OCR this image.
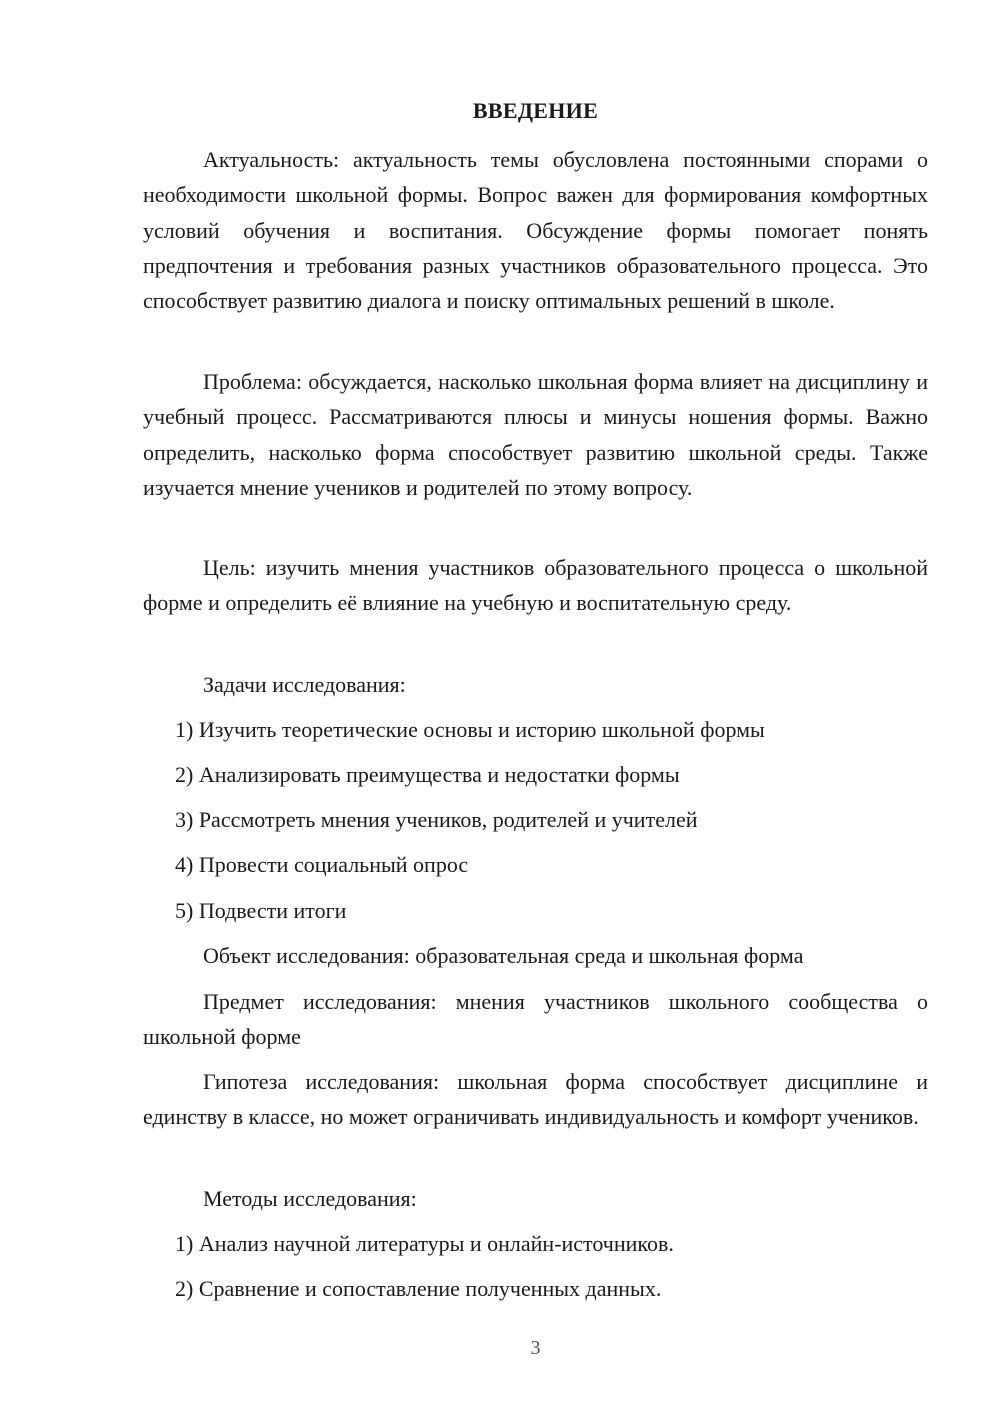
ВВЕДЕНИЕ

Актуальность: актуальность темы обусловлена постоянными спорами о необходимости школьной формы. Вопрос важен для формирования комфортных условий обучения и воспитания. Обсуждение формы помогает понять предпочтения и требования разных участников образовательного процесса. Это способствует развитию диалога и поиску оптимальных решений в школе.

Проблема: обсуждается, насколько школьная форма влияет на дисциплину и учебный процесс. Рассматриваются плюсы и минусы ношения формы. Важно определить, насколько форма способствует развитию школьной среды. Также изучается мнение учеников и родителей по этому вопросу.

Цель: изучить мнения участников образовательного процесса о школьной форме и определить её влияние на учебную и воспитательную среду.

Задачи исследования:
1) Изучить теоретические основы и историю школьной формы
2) Анализировать преимущества и недостатки формы
3) Рассмотреть мнения учеников, родителей и учителей
4) Провести социальный опрос
5) Подвести итоги
Объект исследования: образовательная среда и школьная форма

Предмет исследования: мнения участников школьного сообщества о школьной форме

Гипотеза исследования: школьная форма способствует дисциплине и единству в классе, но может ограничивать индивидуальность и комфорт учеников.

Методы исследования:
1) Анализ научной литературы и онлайн-источников.
2) Сравнение и сопоставление полученных данных.
3
